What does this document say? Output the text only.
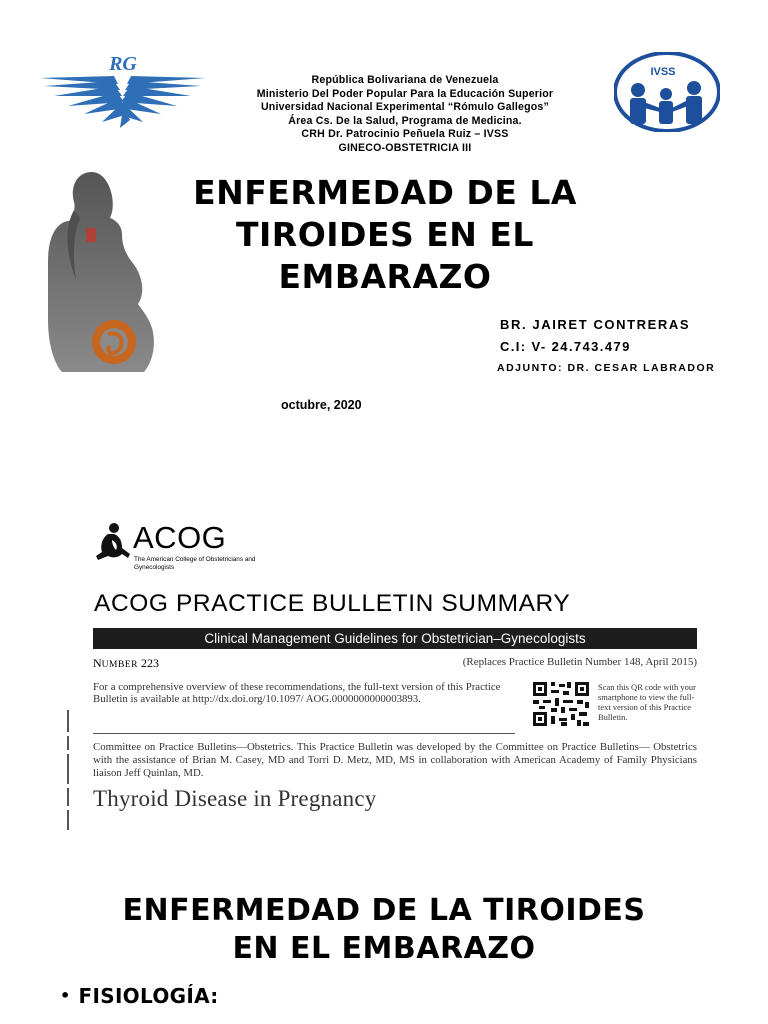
RG
República Bolivariana de Venezuela
Ministerio Del Poder Popular Para la Educación Superior
Universidad Nacional Experimental “Rómulo Gallegos”
Área Cs. De la Salud, Programa de Medicina.
CRH Dr. Patrocinio Peñuela Ruiz – IVSS
GINECO-OBSTETRICIA III
IVSS
ENFERMEDAD DE LA
TIROIDES EN EL
EMBARAZO
BR. JAIRET CONTRERAS
C.I: V- 24.743.479
ADJUNTO: DR. CESAR LABRADOR
octubre, 2020
ACOG
The American College of Obstetricians and Gynecologists
ACOG PRACTICE BULLETIN SUMMARY
Clinical Management Guidelines for Obstetrician–Gynecologists
NUMBER 223	(Replaces Practice Bulletin Number 148, April 2015)
For a comprehensive overview of these recommendations, the full-text version of this Practice Bulletin is available at http://dx.doi.org/10.1097/ AOG.0000000000003893.
Scan this QR code with your smartphone to view the full-text version of this Practice Bulletin.
Committee on Practice Bulletins—Obstetrics. This Practice Bulletin was developed by the Committee on Practice Bulletins— Obstetrics with the assistance of Brian M. Casey, MD and Torri D. Metz, MD, MS in collaboration with American Academy of Family Physicians liaison Jeff Quinlan, MD.
Thyroid Disease in Pregnancy
ENFERMEDAD DE LA TIROIDES
EN EL EMBARAZO
• FISIOLOGÍA:
